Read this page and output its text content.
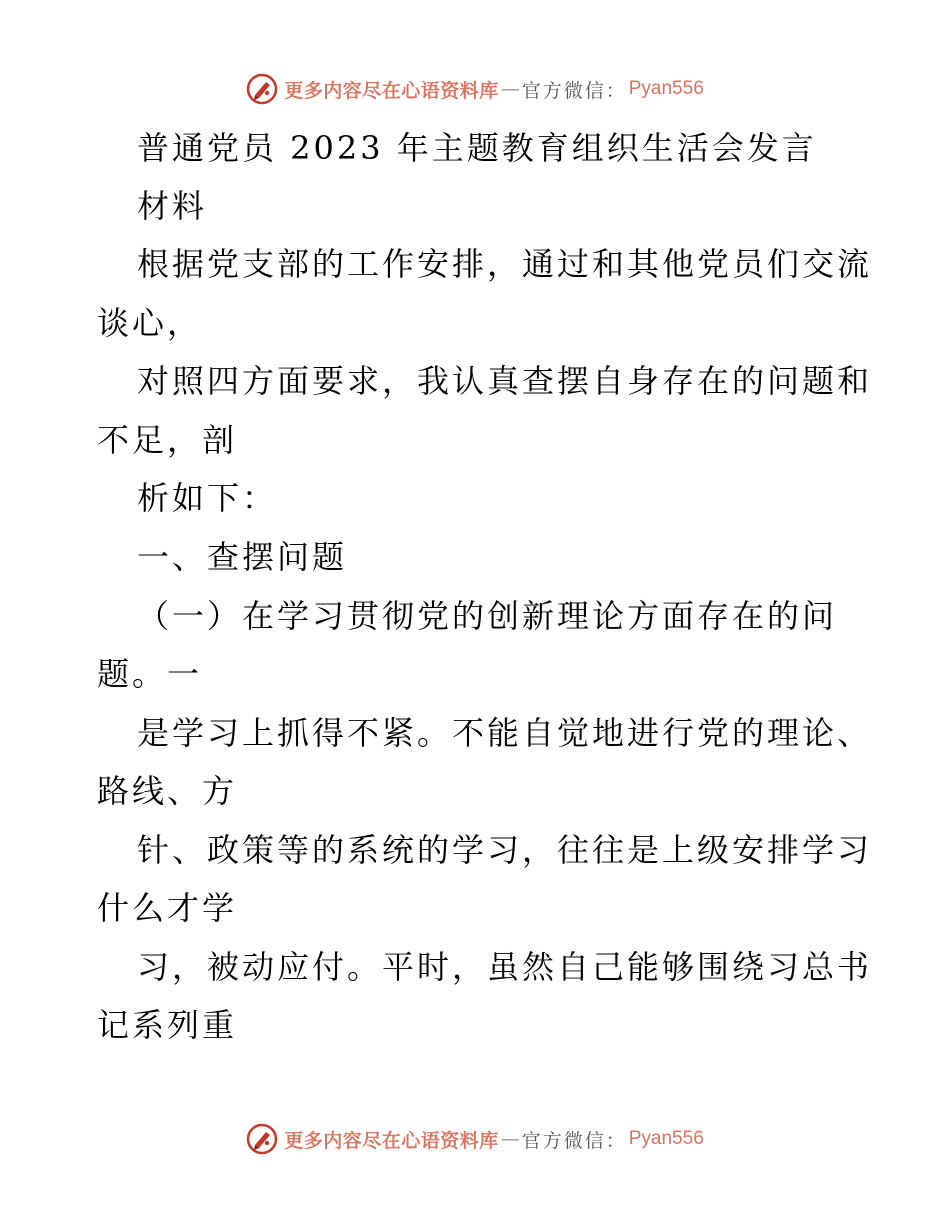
更多内容尽在心语资料库 — 官方微信： Pyan556
普通党员 2023 年主题教育组织生活会发言
材料
根据党支部的工作安排，通过和其他党员们交流
谈心，
对照四方面要求，我认真查摆自身存在的问题和
不足，剖
析如下：
一、查摆问题
（一）在学习贯彻党的创新理论方面存在的问
题。一
是学习上抓得不紧。不能自觉地进行党的理论、
路线、方
针、政策等的系统的学习，往往是上级安排学习
什么才学
习，被动应付。平时，虽然自己能够围绕习总书
记系列重
更多内容尽在心语资料库 — 官方微信： Pyan556
